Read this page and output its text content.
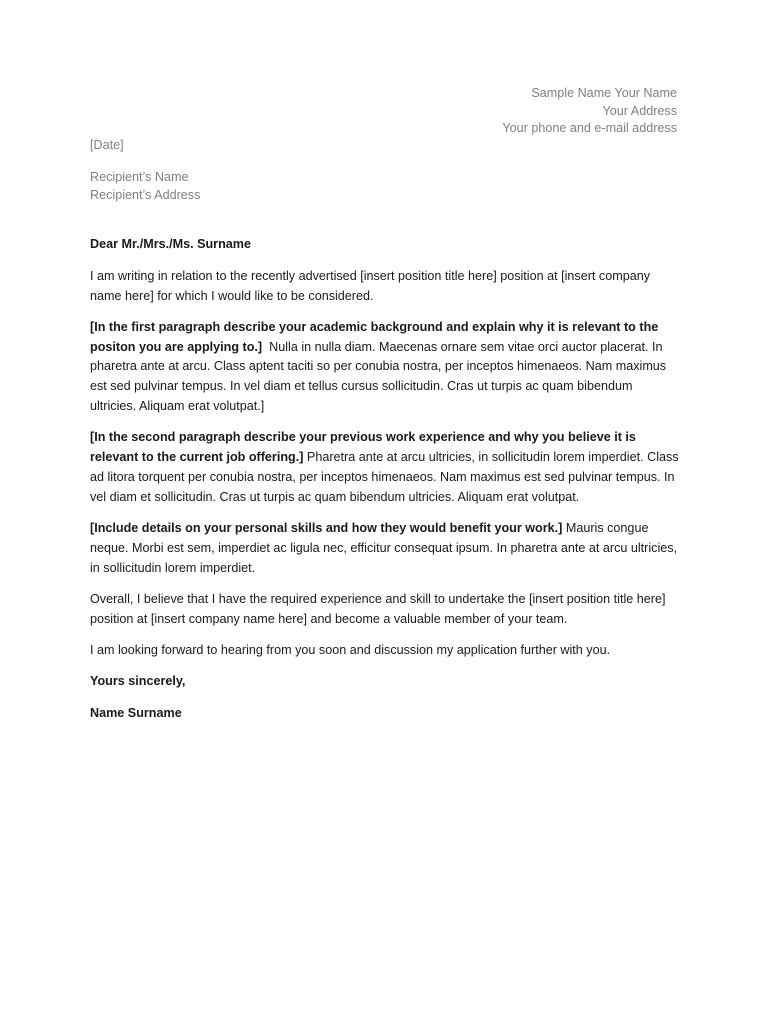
Sample Name Your Name
Your Address
Your phone and e-mail address
[Date]
Recipient’s Name
Recipient’s Address

Dear Mr./Mrs./Ms. Surname

I am writing in relation to the recently advertised [insert position title here] position at [insert company name here] for which I would like to be considered.

[In the first paragraph describe your academic background and explain why it is relevant to the positon you are applying to.]  Nulla in nulla diam. Maecenas ornare sem vitae orci auctor placerat. In pharetra ante at arcu. Class aptent taciti so per conubia nostra, per inceptos himenaeos. Nam maximus est sed pulvinar tempus. In vel diam et tellus cursus sollicitudin. Cras ut turpis ac quam bibendum ultricies. Aliquam erat volutpat.]

[In the second paragraph describe your previous work experience and why you believe it is relevant to the current job offering.] Pharetra ante at arcu ultricies, in sollicitudin lorem imperdiet. Class ad litora torquent per conubia nostra, per inceptos himenaeos. Nam maximus est sed pulvinar tempus. In vel diam et sollicitudin. Cras ut turpis ac quam bibendum ultricies. Aliquam erat volutpat.

[Include details on your personal skills and how they would benefit your work.] Mauris congue neque. Morbi est sem, imperdiet ac ligula nec, efficitur consequat ipsum. In pharetra ante at arcu ultricies, in sollicitudin lorem imperdiet.

Overall, I believe that I have the required experience and skill to undertake the [insert position title here] position at [insert company name here] and become a valuable member of your team.

I am looking forward to hearing from you soon and discussion my application further with you.

Yours sincerely,

Name Surname
